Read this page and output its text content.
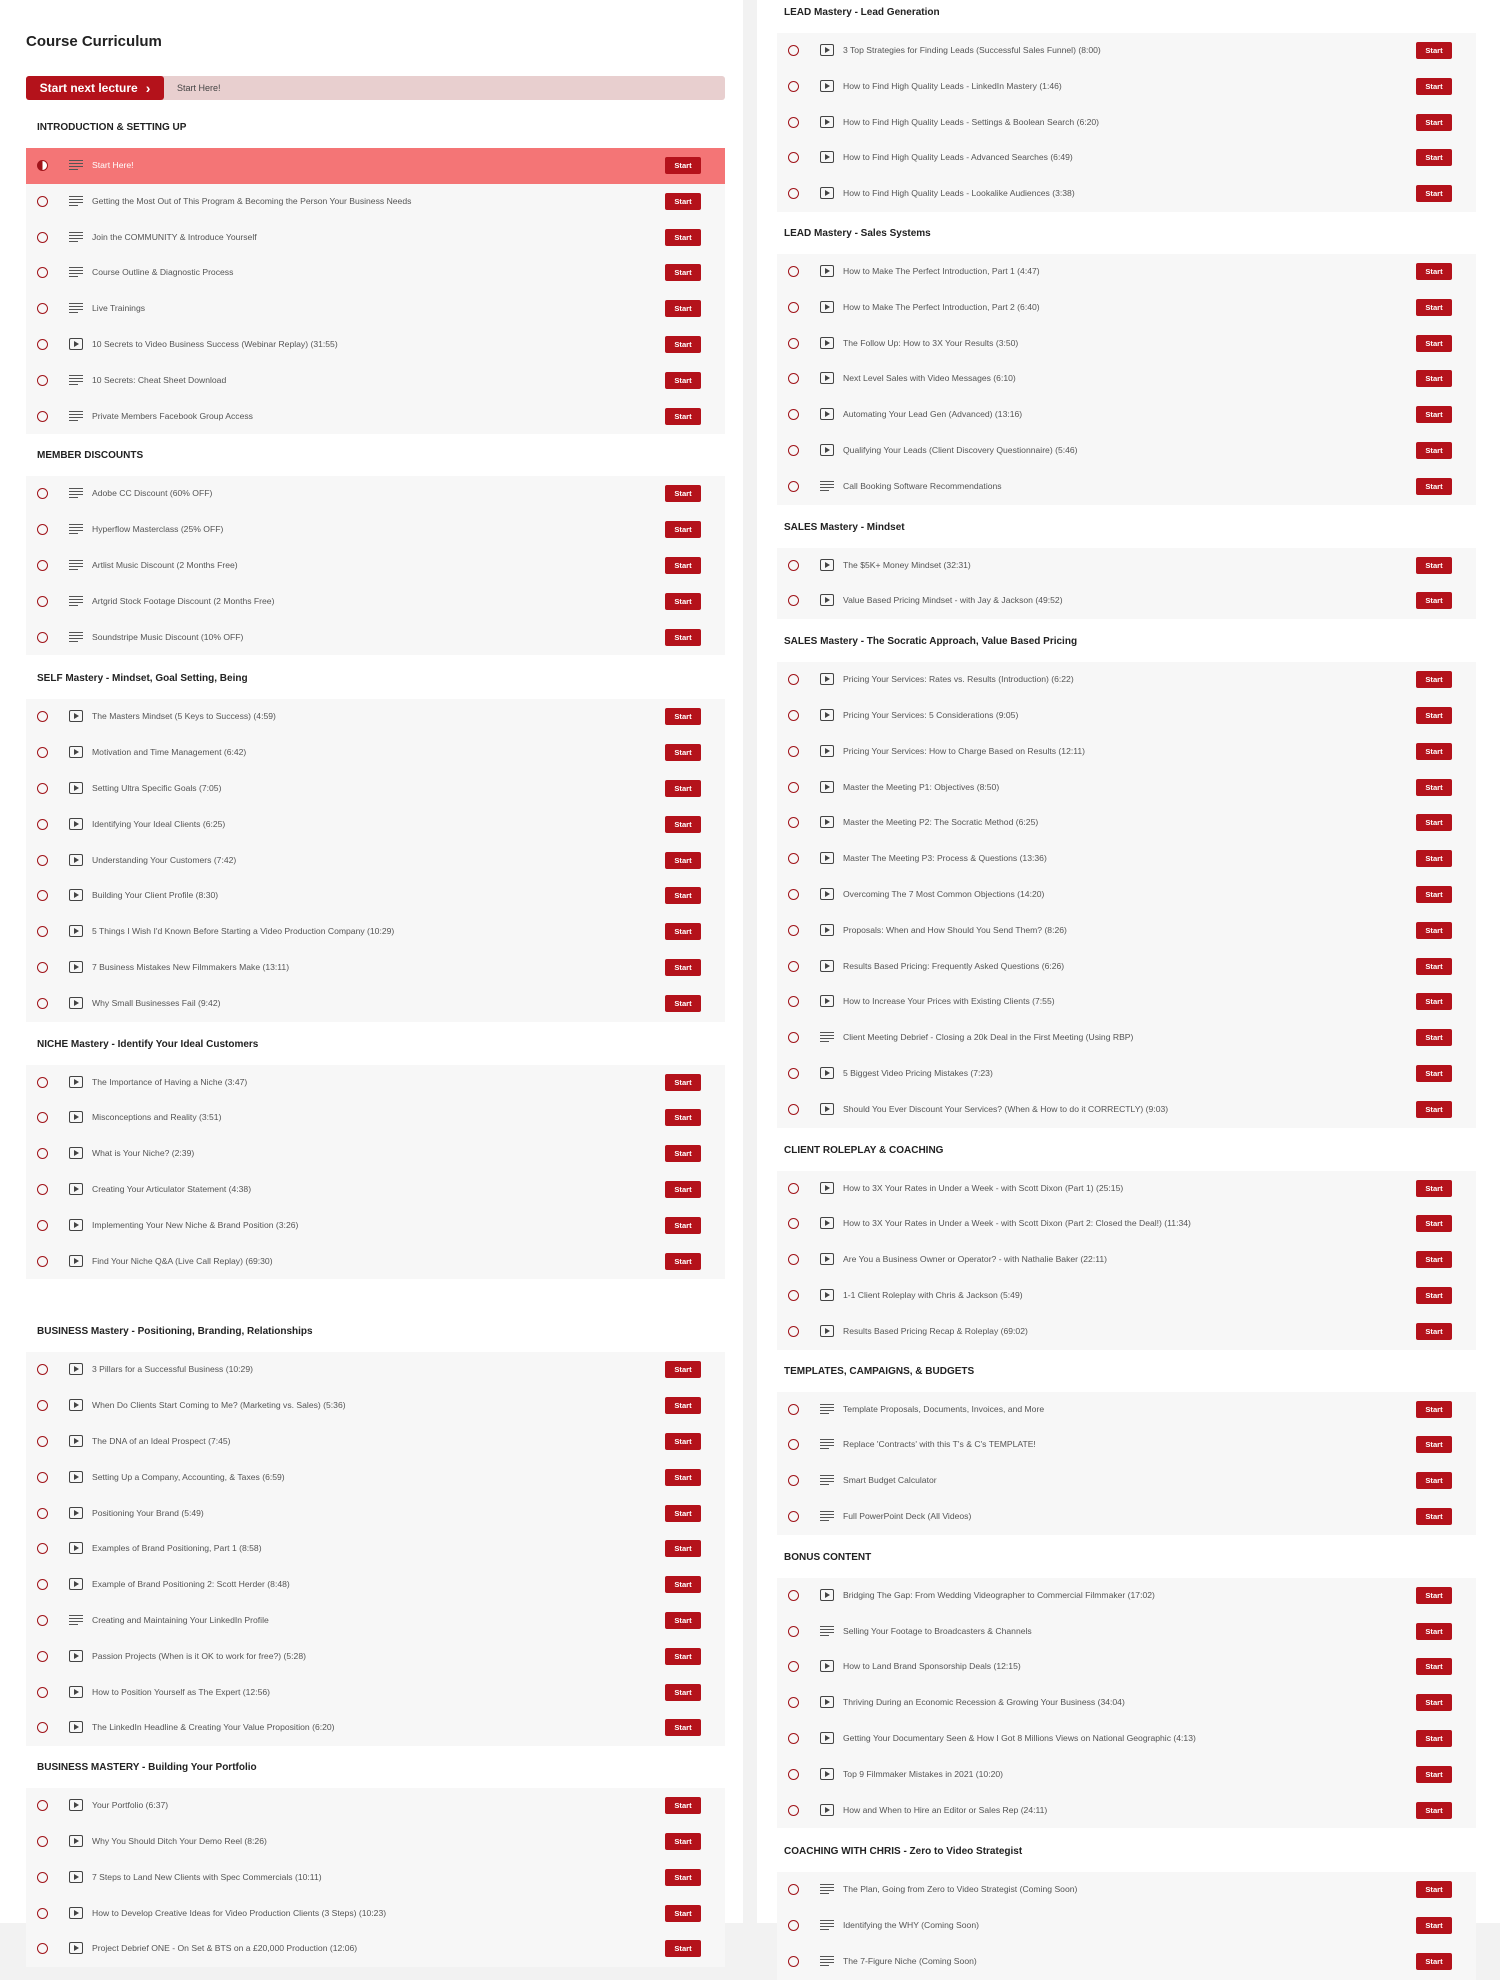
Course Curriculum
Start next lecture ›	Start Here!
INTRODUCTION & SETTING UP
Start Here!	Start
Getting the Most Out of This Program & Becoming the Person Your Business Needs	Start
Join the COMMUNITY & Introduce Yourself	Start
Course Outline & Diagnostic Process	Start
Live Trainings	Start
10 Secrets to Video Business Success (Webinar Replay) (31:55)	Start
10 Secrets: Cheat Sheet Download	Start
Private Members Facebook Group Access	Start
MEMBER DISCOUNTS
Adobe CC Discount (60% OFF)	Start
Hyperflow Masterclass (25% OFF)	Start
Artlist Music Discount (2 Months Free)	Start
Artgrid Stock Footage Discount (2 Months Free)	Start
Soundstripe Music Discount (10% OFF)	Start
SELF Mastery - Mindset, Goal Setting, Being
The Masters Mindset (5 Keys to Success) (4:59)	Start
Motivation and Time Management (6:42)	Start
Setting Ultra Specific Goals (7:05)	Start
Identifying Your Ideal Clients (6:25)	Start
Understanding Your Customers (7:42)	Start
Building Your Client Profile (8:30)	Start
5 Things I Wish I'd Known Before Starting a Video Production Company (10:29)	Start
7 Business Mistakes New Filmmakers Make (13:11)	Start
Why Small Businesses Fail (9:42)	Start
NICHE Mastery - Identify Your Ideal Customers
The Importance of Having a Niche (3:47)	Start
Misconceptions and Reality (3:51)	Start
What is Your Niche? (2:39)	Start
Creating Your Articulator Statement (4:38)	Start
Implementing Your New Niche & Brand Position (3:26)	Start
Find Your Niche Q&A (Live Call Replay) (69:30)	Start
BUSINESS Mastery - Positioning, Branding, Relationships
3 Pillars for a Successful Business (10:29)	Start
When Do Clients Start Coming to Me? (Marketing vs. Sales) (5:36)	Start
The DNA of an Ideal Prospect (7:45)	Start
Setting Up a Company, Accounting, & Taxes (6:59)	Start
Positioning Your Brand (5:49)	Start
Examples of Brand Positioning, Part 1 (8:58)	Start
Example of Brand Positioning 2: Scott Herder (8:48)	Start
Creating and Maintaining Your LinkedIn Profile	Start
Passion Projects (When is it OK to work for free?) (5:28)	Start
How to Position Yourself as The Expert (12:56)	Start
The LinkedIn Headline & Creating Your Value Proposition (6:20)	Start
BUSINESS MASTERY - Building Your Portfolio
Your Portfolio (6:37)	Start
Why You Should Ditch Your Demo Reel (8:26)	Start
7 Steps to Land New Clients with Spec Commercials (10:11)	Start
How to Develop Creative Ideas for Video Production Clients (3 Steps) (10:23)	Start
Project Debrief ONE - On Set & BTS on a £20,000 Production (12:06)	Start
LEAD Mastery - Lead Generation
3 Top Strategies for Finding Leads (Successful Sales Funnel) (8:00)	Start
How to Find High Quality Leads - LinkedIn Mastery (1:46)	Start
How to Find High Quality Leads - Settings & Boolean Search (6:20)	Start
How to Find High Quality Leads - Advanced Searches (6:49)	Start
How to Find High Quality Leads - Lookalike Audiences (3:38)	Start
LEAD Mastery - Sales Systems
How to Make The Perfect Introduction, Part 1 (4:47)	Start
How to Make The Perfect Introduction, Part 2 (6:40)	Start
The Follow Up: How to 3X Your Results (3:50)	Start
Next Level Sales with Video Messages (6:10)	Start
Automating Your Lead Gen (Advanced) (13:16)	Start
Qualifying Your Leads (Client Discovery Questionnaire) (5:46)	Start
Call Booking Software Recommendations	Start
SALES Mastery - Mindset
The $5K+ Money Mindset (32:31)	Start
Value Based Pricing Mindset - with Jay & Jackson (49:52)	Start
SALES Mastery - The Socratic Approach, Value Based Pricing
Pricing Your Services: Rates vs. Results (Introduction) (6:22)	Start
Pricing Your Services: 5 Considerations (9:05)	Start
Pricing Your Services: How to Charge Based on Results (12:11)	Start
Master the Meeting P1: Objectives (8:50)	Start
Master the Meeting P2: The Socratic Method (6:25)	Start
Master The Meeting P3: Process & Questions (13:36)	Start
Overcoming The 7 Most Common Objections (14:20)	Start
Proposals: When and How Should You Send Them? (8:26)	Start
Results Based Pricing: Frequently Asked Questions (6:26)	Start
How to Increase Your Prices with Existing Clients (7:55)	Start
Client Meeting Debrief - Closing a 20k Deal in the First Meeting (Using RBP)	Start
5 Biggest Video Pricing Mistakes (7:23)	Start
Should You Ever Discount Your Services? (When & How to do it CORRECTLY) (9:03)	Start
CLIENT ROLEPLAY & COACHING
How to 3X Your Rates in Under a Week - with Scott Dixon (Part 1) (25:15)	Start
How to 3X Your Rates in Under a Week - with Scott Dixon (Part 2: Closed the Deal!) (11:34)	Start
Are You a Business Owner or Operator? - with Nathalie Baker (22:11)	Start
1-1 Client Roleplay with Chris & Jackson (5:49)	Start
Results Based Pricing Recap & Roleplay (69:02)	Start
TEMPLATES, CAMPAIGNS, & BUDGETS
Template Proposals, Documents, Invoices, and More	Start
Replace 'Contracts' with this T's & C's TEMPLATE!	Start
Smart Budget Calculator	Start
Full PowerPoint Deck (All Videos)	Start
BONUS CONTENT
Bridging The Gap: From Wedding Videographer to Commercial Filmmaker (17:02)	Start
Selling Your Footage to Broadcasters & Channels	Start
How to Land Brand Sponsorship Deals (12:15)	Start
Thriving During an Economic Recession & Growing Your Business (34:04)	Start
Getting Your Documentary Seen & How I Got 8 Millions Views on National Geographic (4:13)	Start
Top 9 Filmmaker Mistakes in 2021 (10:20)	Start
How and When to Hire an Editor or Sales Rep (24:11)	Start
COACHING WITH CHRIS - Zero to Video Strategist
The Plan, Going from Zero to Video Strategist (Coming Soon)	Start
Identifying the WHY (Coming Soon)	Start
The 7-Figure Niche (Coming Soon)	Start
